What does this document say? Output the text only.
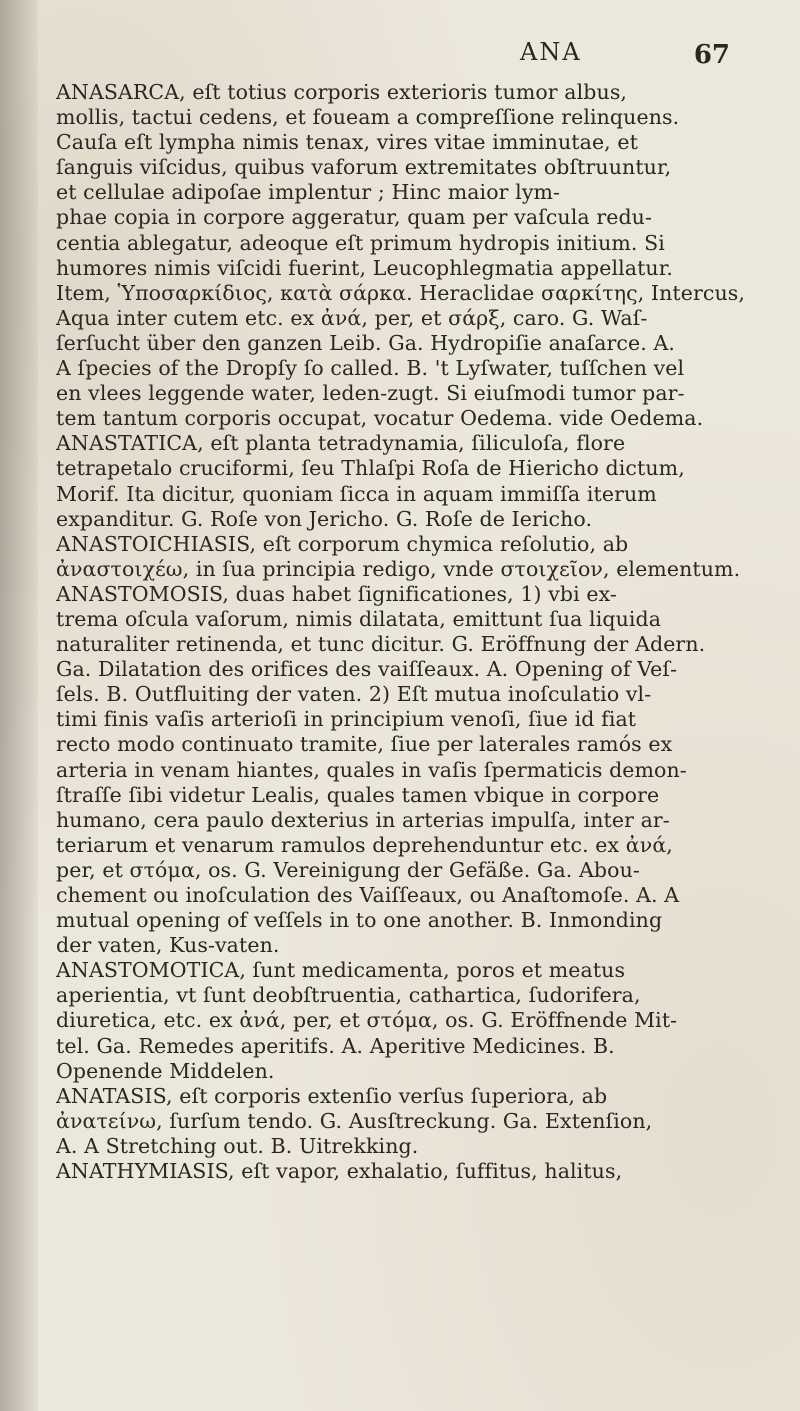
ANA	67
ANASARCA, eſt totius corporis exterioris tumor albus,
mollis, tactui cedens, et foueam a compreſſione relinquens.
Cauſa eſt lympha nimis tenax, vires vitae imminutae, et
ſanguis viſcidus, quibus vaforum extremitates obſtruuntur,
et cellulae adipoſae implentur ; Hinc maior lym-
phae copia in corpore aggeratur, quam per vaſcula redu-
centia ablegatur, adeoque eſt primum hydropis initium. Si
humores nimis viſcidi fuerint, Leucophlegmatia appellatur.
Item, Ὑποσαρκίδιος, κατὰ σάρκα. Heraclidae σαρκίτης, Intercus,
Aqua inter cutem etc. ex ἀνά, per, et σάρξ, caro. G. Waſ-
ſerſucht über den ganzen Leib. Ga. Hydropiſie anaſarce. A.
A ſpecies of the Dropſy ſo called. B. 't Lyſwater, tuſſchen vel
en vlees leggende water, leden-zugt. Si eiuſmodi tumor par-
tem tantum corporis occupat, vocatur Oedema. vide Oedema.
ANASTATICA, eſt planta tetradynamia, ſiliculoſa, flore
tetrapetalo cruciformi, ſeu Thlaſpi Roſa de Hiericho dictum,
Morif. Ita dicitur, quoniam ſicca in aquam immiſſa iterum
expanditur. G. Roſe von Jericho. G. Roſe de Iericho.
ANASTOICHIASIS, eſt corporum chymica reſolutio, ab
ἀναστοιχέω, in ſua principia redigo, vnde στοιχεῖον, elementum.
ANASTOMOSIS, duas habet ſignificationes, 1) vbi ex-
trema oſcula vaſorum, nimis dilatata, emittunt ſua liquida
naturaliter retinenda, et tunc dicitur. G. Eröffnung der Adern.
Ga. Dilatation des orifices des vaiſſeaux. A. Opening of Veſ-
ſels. B. Outfluiting der vaten. 2) Eſt mutua inoſculatio vl-
timi finis vaſis arterioſi in principium venoſi, ſiue id fiat
recto modo continuato tramite, ſiue per laterales ramós ex
arteria in venam hiantes, quales in vaſis ſpermaticis demon-
ſtraſſe ſibi videtur Lealis, quales tamen vbique in corpore
humano, cera paulo dexterius in arterias impulſa, inter ar-
teriarum et venarum ramulos deprehenduntur etc. ex ἀνά,
per, et στόμα, os. G. Vereinigung der Gefäße. Ga. Abou-
chement ou inoſculation des Vaiſſeaux, ou Anaſtomoſe. A. A
mutual opening of veſſels in to one another. B. Inmonding
der vaten, Kus-vaten.
ANASTOMOTICA, ſunt medicamenta, poros et meatus
aperientia, vt ſunt deobſtruentia, cathartica, ſudorifera,
diuretica, etc. ex ἀνά, per, et στόμα, os. G. Eröffnende Mit-
tel. Ga. Remedes aperitifs. A. Aperitive Medicines. B.
Openende Middelen.
ANATASIS, eſt corporis extenſio verſus ſuperiora, ab
ἀνατείνω, ſurſum tendo. G. Ausſtreckung. Ga. Extenſion,
A. A Stretching out. B. Uitrekking.
ANATHYMIASIS, eſt vapor, exhalatio, ſuffitus, halitus,
